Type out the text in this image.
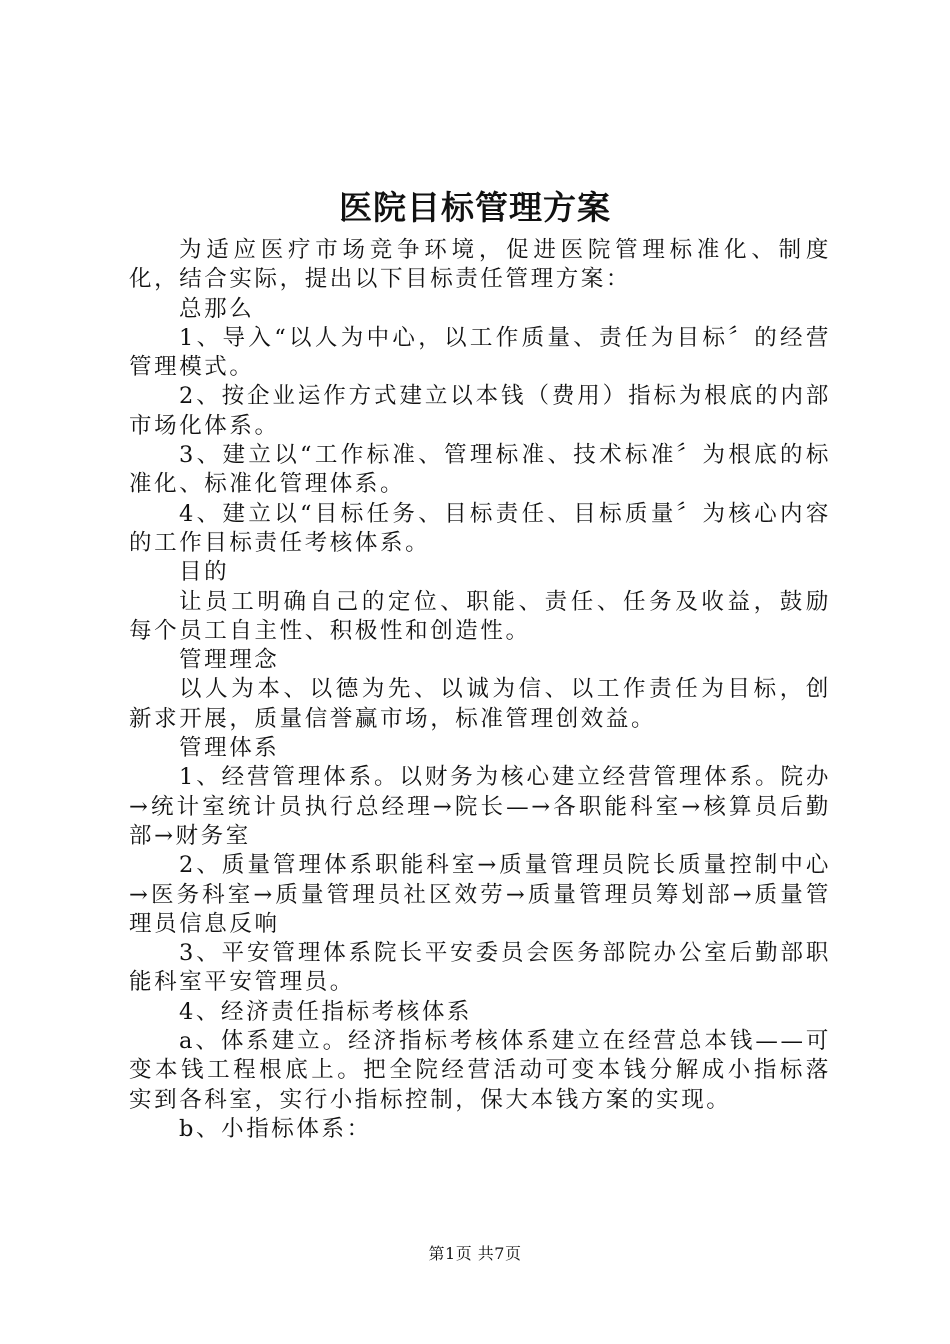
医院目标管理方案

为适应医疗市场竞争环境，促进医院管理标准化、制度化，结合实际，提出以下目标责任管理方案：

总那么

1、导入“以人为中心，以工作质量、责任为目标〞的经营管理模式。

2、按企业运作方式建立以本钱（费用）指标为根底的内部市场化体系。

3、建立以“工作标准、管理标准、技术标准〞为根底的标准化、标准化管理体系。

4、建立以“目标任务、目标责任、目标质量〞为核心内容的工作目标责任考核体系。

目的

让员工明确自己的定位、职能、责任、任务及收益，鼓励每个员工自主性、积极性和创造性。

管理理念

以人为本、以德为先、以诚为信、以工作责任为目标，创新求开展，质量信誉赢市场，标准管理创效益。

管理体系

1、经营管理体系。以财务为核心建立经营管理体系。院办→统计室统计员执行总经理→院长—→各职能科室→核算员后勤部→财务室

2、质量管理体系职能科室→质量管理员院长质量控制中心→医务科室→质量管理员社区效劳→质量管理员筹划部→质量管理员信息反响

3、平安管理体系院长平安委员会医务部院办公室后勤部职能科室平安管理员。

4、经济责任指标考核体系

a、体系建立。经济指标考核体系建立在经营总本钱——可变本钱工程根底上。把全院经营活动可变本钱分解成小指标落实到各科室，实行小指标控制，保大本钱方案的实现。

b、小指标体系：

第1页 共7页
